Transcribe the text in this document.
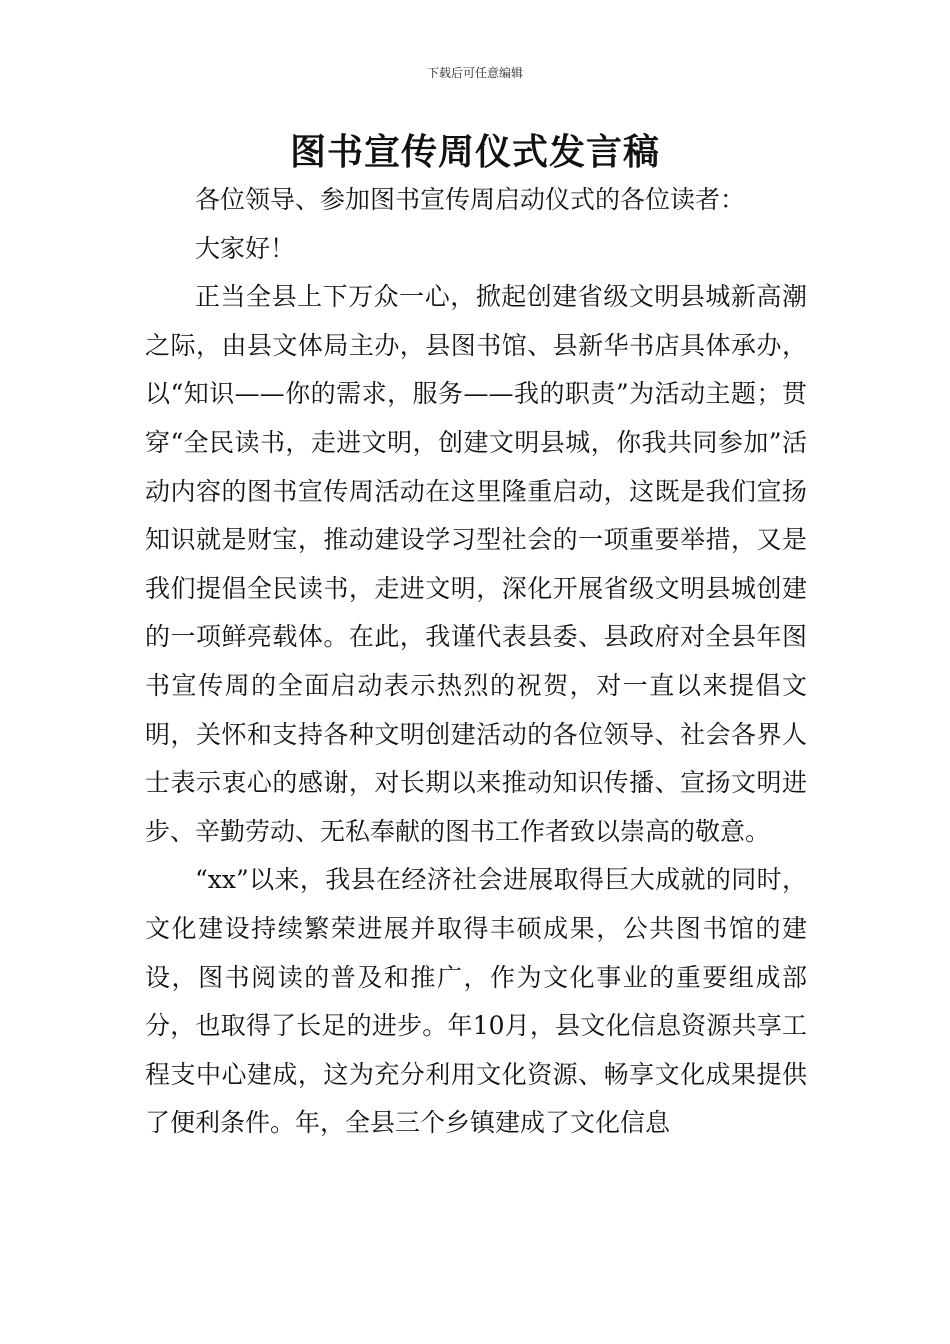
下载后可任意编辑
图书宣传周仪式发言稿

各位领导、参加图书宣传周启动仪式的各位读者：

大家好！

正当全县上下万众一心，掀起创建省级文明县城新高潮之际，由县文体局主办，县图书馆、县新华书店具体承办，以“知识——你的需求，服务——我的职责”为活动主题；贯穿“全民读书，走进文明，创建文明县城，你我共同参加”活动内容的图书宣传周活动在这里隆重启动，这既是我们宣扬知识就是财宝，推动建设学习型社会的一项重要举措，又是我们提倡全民读书，走进文明，深化开展省级文明县城创建的一项鲜亮载体。在此，我谨代表县委、县政府对全县年图书宣传周的全面启动表示热烈的祝贺，对一直以来提倡文明，关怀和支持各种文明创建活动的各位领导、社会各界人士表示衷心的感谢，对长期以来推动知识传播、宣扬文明进步、辛勤劳动、无私奉献的图书工作者致以崇高的敬意。

“xx”以来，我县在经济社会进展取得巨大成就的同时，文化建设持续繁荣进展并取得丰硕成果，公共图书馆的建设，图书阅读的普及和推广，作为文化事业的重要组成部分，也取得了长足的进步。年10月，县文化信息资源共享工程支中心建成，这为充分利用文化资源、畅享文化成果提供了便利条件。年，全县三个乡镇建成了文化信息
